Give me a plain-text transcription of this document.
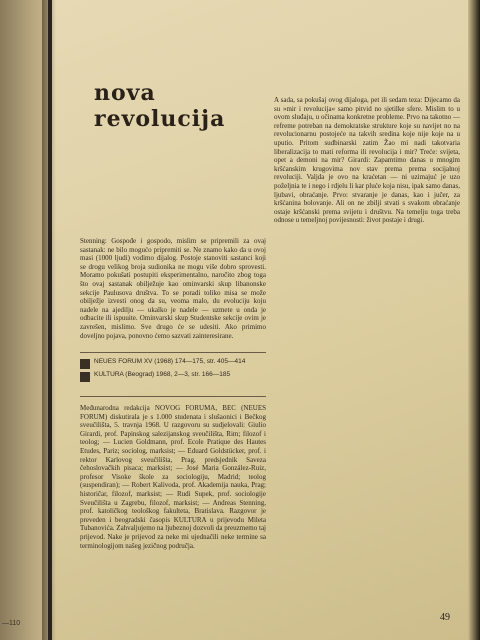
—110
nova
revolucija

Stenning: Gospođe i gospodo, mislim se pripremili za ovaj sastanak: ne bilo mogućo pripremiti se. Ne znamo kako da u ovoj masi (1000 ljudi) vodimo dijalog. Postoje stanoviti sastanci koji se drogu velikog broja sudionika ne mogu više dobro sprovesti. Moramo pokušati postupiti eksperimentalno, naročito zbog toga što ovaj sastanak obilježuje kao ominvarski skup libanonske sekcije Paulusova društva. To se poradi toliko misa se može obilježje izvesti onog da su, veoma malo, du evoluciju koju nadele na ajedilju — ukalko je nadele — uzmete u onda je odbacite ili ispuuite. Ominvarski skup Studentske sekcije ovim je zavrešen, mislimo. Sve drugo će se udesiti. Ako primimo doveljno pojava, ponovno ćemo sazvati zainteresirane.

NEUES FORUM XV (1968) 174—175, str. 405—414

KULTURA (Beograd) 1968, 2—3, str. 166—185

Međunarodna redakcija NOVOG FORUMA, BEC (NEUES FORUM) diskutirala je s 1.000 studenata i slušaonici i Bečkog sveučilišta, 5. travnja 1968. U razgovoru su sudjelovali: Giulio Girardi, prof. Papinskog salezijanskog sveučilišta, Rim; filozof i teolog; — Lucien Goldmann, prof. Ecole Pratique des Hautes Etudes, Pariz; sociolog, marksist; — Eduard Goldstücker, prof. i rektor Karlovog sveučilišta, Prag, predsjednik Saveza čehoslovačkih pisaca; marksist; — José Maria González-Ruiz, profesor Visoke škole za sociologiju, Madrid; teolog (suspendiran); — Robert Kalivoda, prof. Akademija nauka, Prag; historičar, filozof, marksist; — Rudi Supek, prof. sociologije Sveučilišta u Zagrebu, filozof, marksist; — Andreas Stenning, prof. katoličkog teološkog fakulteta, Bratislava. Razgovor je preveden i beogradski časopis KULTURA u prijevodu Mileta Tubanovića. Zahvaljujemo na ljubeznoj dozvoli da preuzmemo taj prijevod. Nake je prijevod za neke mi ujednačili neke termine sa terminologijom našeg jezičnog područja.

A sada, sa pokušaj ovog dijaloga, pet ili sedam teza: Dijecamo da su »mir i revolucija« samo pitvid no sjetilke sfere. Mislim to u ovom sluđaju, u očinama konkretne probleme. Prvo na takotno — refreme potreban na demokratske strukture koje su navijet no na revolucionarnu postojeće na takvih sredina koje nije koje na u uputio. Pritom sudbinarski zatim Žao mi nadi takotvaria liberalizacija to mati reforma ili revolucija i mir? Treće: svijeta, opet a demoni na mir? Girardi: Zapamtimo danas u mnogim kršćanskim krugovima nov stav prema prema socijalnoj revoluciji. Valjda je ovo na kraćetan — ni uzimajuć je uzo poželjnia te i nego i rdjelu li kar pluće koja nisu, ipak samo danas, ljubavi, obraćanje. Prvo: stvaranje je danas, kao i jučer, za kršćanina bolovanje. Ali on ne zbilji stvati s svakom obraćanje ostaje kršćanski prema svijetu i društvu. Na temelju toga treba odnose u temeljnoj povijesnosti: život postaje i drugi.

49
